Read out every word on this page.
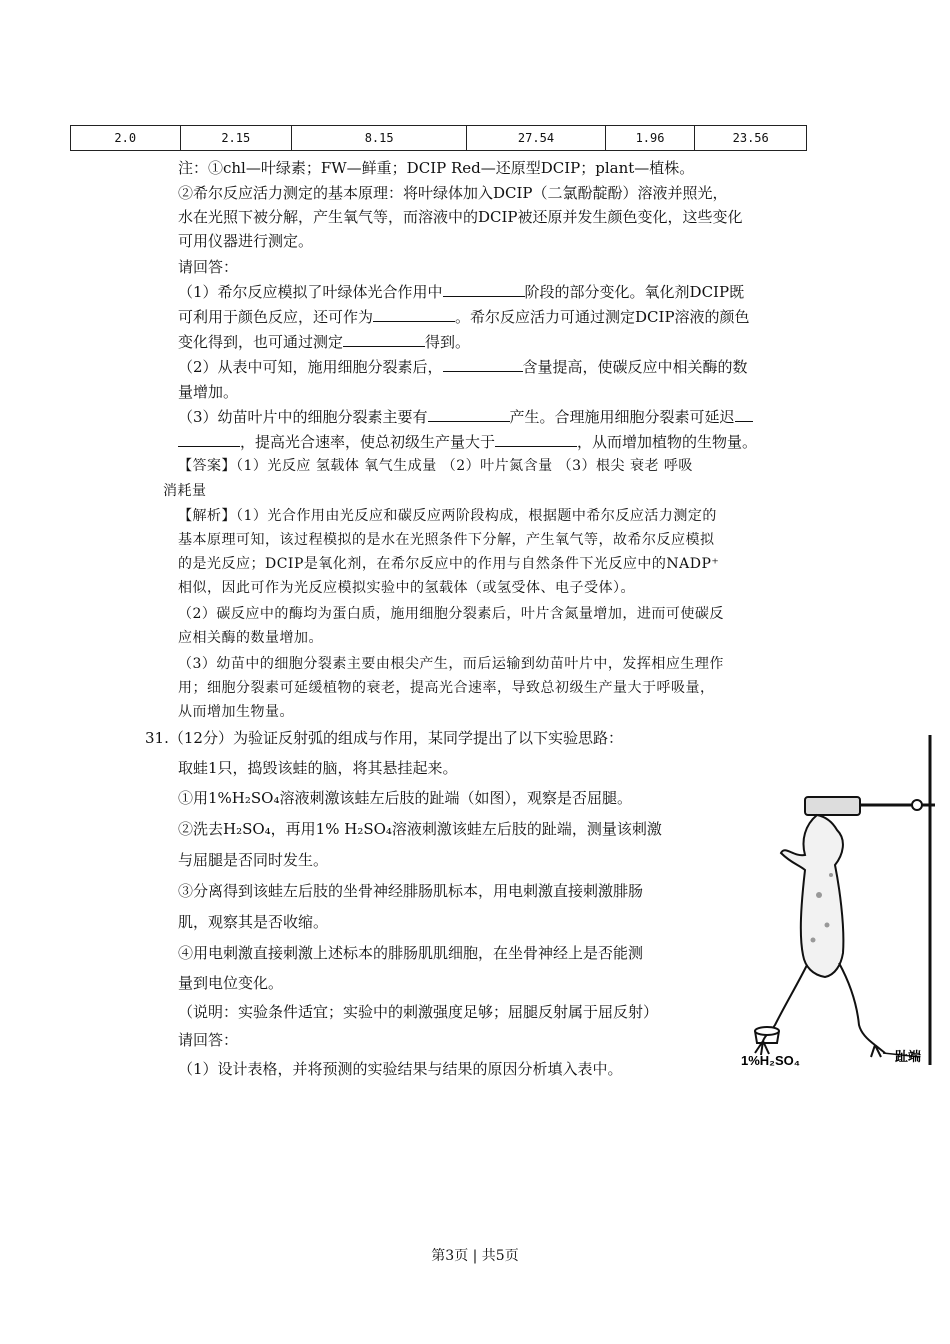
2.0	2.15	8.15	27.54	1.96	23.56
注：①chl—叶绿素；FW—鲜重；DCIP Red—还原型DCIP；plant—植株。
②希尔反应活力测定的基本原理：将叶绿体加入DCIP（二氯酚靛酚）溶液并照光，
水在光照下被分解，产生氧气等，而溶液中的DCIP被还原并发生颜色变化，这些变化
可用仪器进行测定。
请回答：
（1）希尔反应模拟了叶绿体光合作用中	阶段的部分变化。氧化剂DCIP既
可利用于颜色反应，还可作为	。希尔反应活力可通过测定DCIP溶液的颜色
变化得到，也可通过测定	得到。
（2）从表中可知，施用细胞分裂素后，	含量提高，使碳反应中相关酶的数
量增加。
（3）幼苗叶片中的细胞分裂素主要有	产生。合理施用细胞分裂素可延迟
，提高光合速率，使总初级生产量大于	，从而增加植物的生物量。
【答案】（1）光反应 氢载体 氧气生成量 （2）叶片氮含量 （3）根尖 衰老 呼吸
消耗量
【解析】（1）光合作用由光反应和碳反应两阶段构成，根据题中希尔反应活力测定的
基本原理可知，该过程模拟的是水在光照条件下分解，产生氧气等，故希尔反应模拟
的是光反应；DCIP是氧化剂，在希尔反应中的作用与自然条件下光反应中的NADP⁺
相似，因此可作为光反应模拟实验中的氢载体（或氢受体、电子受体）。
（2）碳反应中的酶均为蛋白质，施用细胞分裂素后，叶片含氮量增加，进而可使碳反
应相关酶的数量增加。
（3）幼苗中的细胞分裂素主要由根尖产生，而后运输到幼苗叶片中，发挥相应生理作
用；细胞分裂素可延缓植物的衰老，提高光合速率，导致总初级生产量大于呼吸量，
从而增加生物量。
31.（12分）为验证反射弧的组成与作用，某同学提出了以下实验思路：
取蛙1只，捣毁该蛙的脑，将其悬挂起来。
①用1%H₂SO₄溶液刺激该蛙左后肢的趾端（如图），观察是否屈腿。
②洗去H₂SO₄，再用1% H₂SO₄溶液刺激该蛙左后肢的趾端，测量该刺激
与屈腿是否同时发生。
③分离得到该蛙左后肢的坐骨神经腓肠肌标本，用电刺激直接刺激腓肠
肌，观察其是否收缩。
④用电刺激直接刺激上述标本的腓肠肌肌细胞，在坐骨神经上是否能测
量到电位变化。
（说明：实验条件适宜；实验中的刺激强度足够；屈腿反射属于屈反射）
请回答：
（1）设计表格，并将预测的实验结果与结果的原因分析填入表中。	1%H₂SO₄	趾端
第3页 | 共5页
